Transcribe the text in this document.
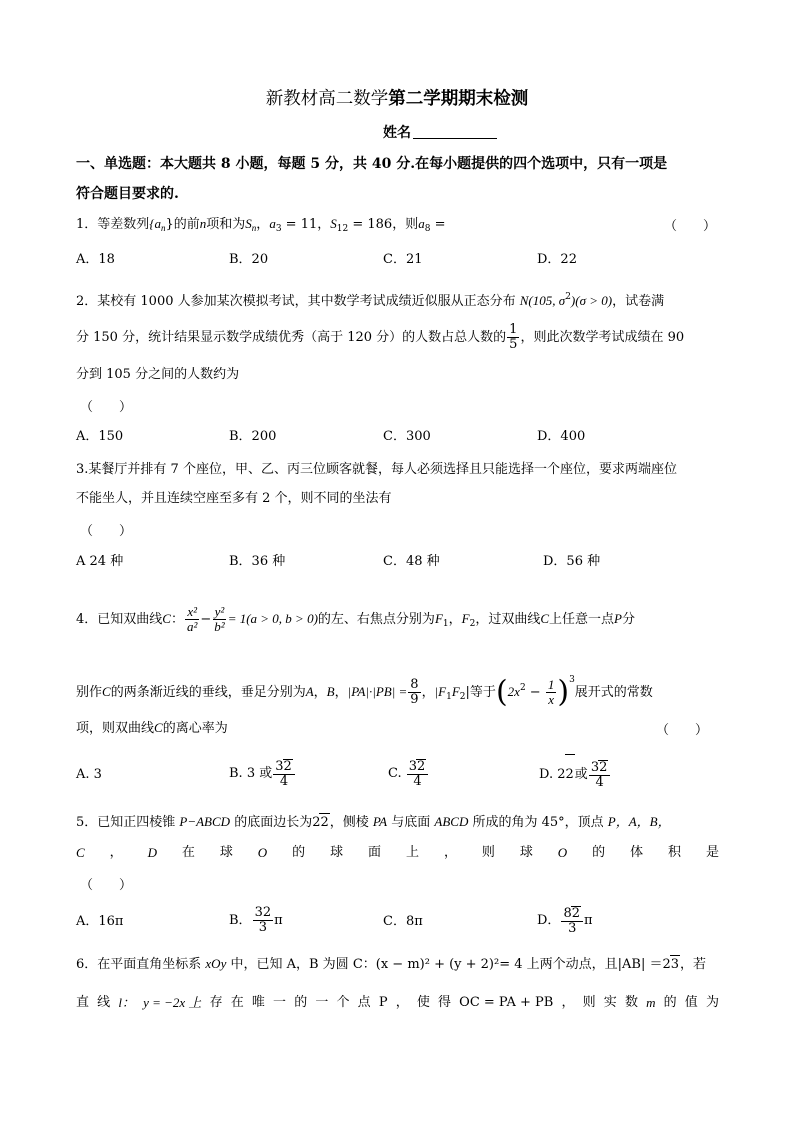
新教材高二数学第二学期期末检测
姓名
一、单选题：本大题共 8 小题，每题 5 分，共 40 分.在每小题提供的四个选项中，只有一项是
符合题目要求的.
1．等差数列$\{a_n\}$的前n项和为$S_n$，$a_3 = 11$，$S_{12} = 186$，则$a_8$ =	（　　）
A．18	B．20	C．21	D．22
2．某校有 1000 人参加某次模拟考试，其中数学考试成绩近似服从正态分布 N(105, $\sigma^2)(\sigma > 0)$，试卷满
分 150 分，统计结果显示数学成绩优秀（高于 120 分）的人数占总人数的 $\frac{1}{5}$ ，则此次数学考试成绩在 90
分到 105 分之间的人数约为
（　　）
A．150	B．200	C．300	D．400
3.某餐厅并排有 7 个座位，甲、乙、丙三位顾客就餐，每人必须选择且只能选择一个座位，要求两端座位
不能坐人，并且连续空座至多有 2 个，则不同的坐法有
（　　）
A 24 种	B．36 种	C．48 种	D．56 种
4．已知双曲线C： $\frac{\text{x²}}{\text{a²}} - \frac{\text{y²}}{\text{b²}} = 1(a > 0$, b > 0)的左、右焦点分别为$F_1$，$F_2$，过双曲线C上任意一点P分
别作C的两条渐近线的垂线，垂足分别为A，B，$|PA|\cdot|PB| = \frac{8}{9}$ ，$|F_1F_2|$等于$(2x^2 - \frac{1}{x} )^3$展开式的常数
项，则双曲线C的离心率为	（　　）
A. 3	B. 3 或 $\frac{32}{4}$	C. $\frac{32}{4}$	D. 22或 $\frac{32}{4}$
5．已知正四棱锥 P−ABCD 的底面边长为22，侧棱 PA 与底面 ABCD 所成的角为 45°，顶点 P，A，B，
C ， D 在 球 O 的 球 面 上 ， 则 球 O 的 体 积 是
（　　）
A．16π	B． $\frac{32}{3}$ π	C．8π	D． $\frac{82}{3}$ π
6．在平面直角坐标系 xOy 中，已知 A，B 为圆 C：(x − m)² + (y + 2)²= 4 上两个动点，且|AB| ＝23，若
直 线 l： y = −2x 上 存 在 唯 一 的 一 个 点 P ， 使 得 OC = PA + PB ， 则 实 数 m 的 值 为
